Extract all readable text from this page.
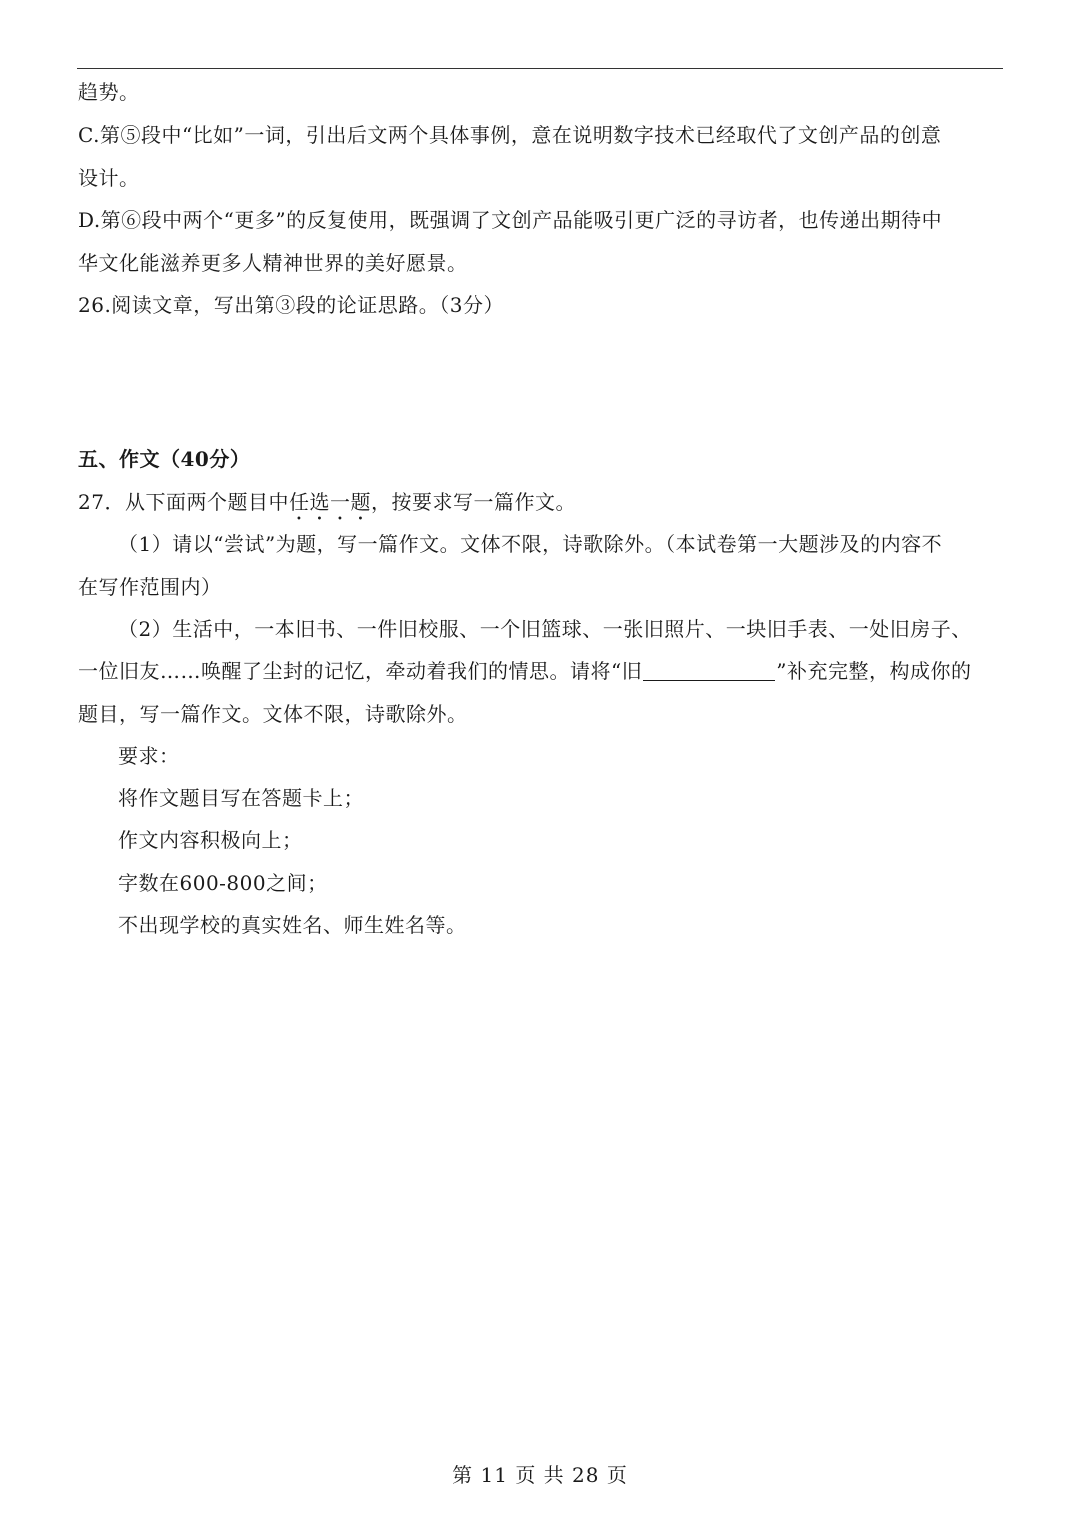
趋势。
C.第⑤段中“比如”一词，引出后文两个具体事例，意在说明数字技术已经取代了文创产品的创意
设计。
D.第⑥段中两个“更多”的反复使用，既强调了文创产品能吸引更广泛的寻访者，也传递出期待中
华文化能滋养更多人精神世界的美好愿景。
26.阅读文章，写出第③段的论证思路。（3分）
五、作文（40分）
27．从下面两个题目中任选一题，按要求写一篇作文。
（1）请以“尝试”为题，写一篇作文。文体不限，诗歌除外。（本试卷第一大题涉及的内容不
在写作范围内）
（2）生活中，一本旧书、一件旧校服、一个旧篮球、一张旧照片、一块旧手表、一处旧房子、
一位旧友……唤醒了尘封的记忆，牵动着我们的情思。请将“旧	”补充完整，构成你的
题目，写一篇作文。文体不限，诗歌除外。
要求：
将作文题目写在答题卡上；
作文内容积极向上；
字数在600-800之间；
不出现学校的真实姓名、师生姓名等。
第 11 页 共 28 页
